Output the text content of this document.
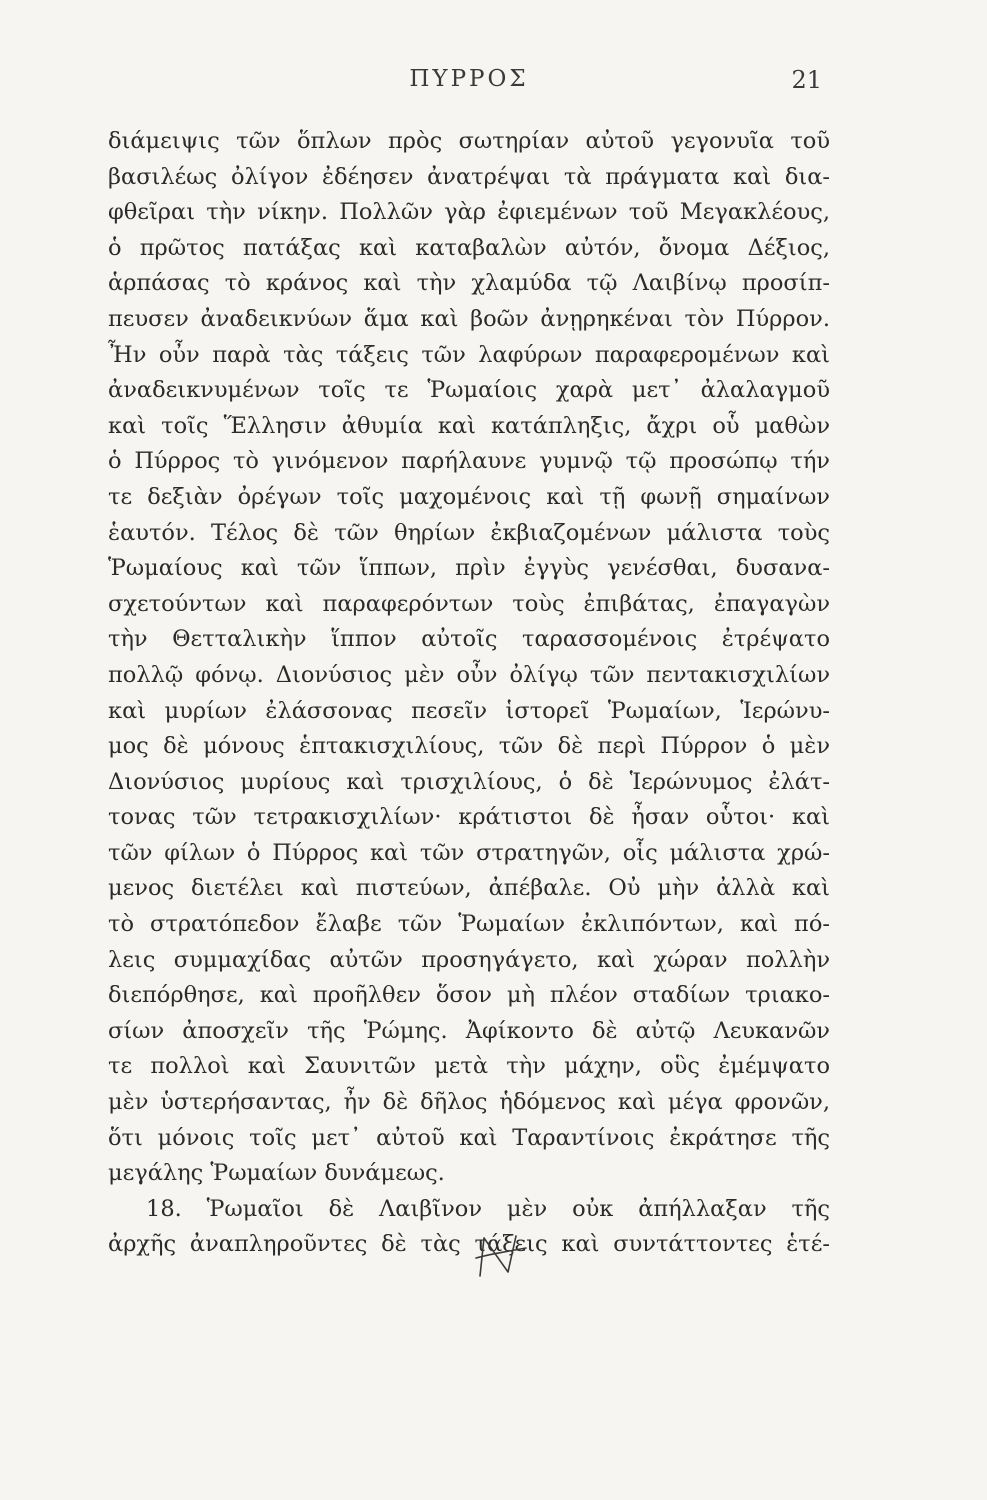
ΠΥΡΡΟΣ	21
διάμειψις τῶν ὅπλων πρὸς σωτηρίαν αὐτοῦ γεγονυῖα τοῦ
βασιλέως ὀλίγον ἐδέησεν ἀνατρέψαι τὰ πράγματα καὶ δια-
φθεῖραι τὴν νίκην. Πολλῶν γὰρ ἐφιεμένων τοῦ Μεγακλέους,
ὁ πρῶτος πατάξας καὶ καταβαλὼν αὐτόν, ὄνομα Δέξιος,
ἁρπάσας τὸ κράνος καὶ τὴν χλαμύδα τῷ Λαιβίνῳ προσίπ-
πευσεν ἀναδεικνύων ἅμα καὶ βοῶν ἀνῃρηκέναι τὸν Πύρρον.
Ἦν οὖν παρὰ τὰς τάξεις τῶν λαφύρων παραφερομένων καὶ
ἀναδεικνυμένων τοῖς τε Ῥωμαίοις χαρὰ μετ᾽ ἀλαλαγμοῦ
καὶ τοῖς Ἕλλησιν ἀθυμία καὶ κατάπληξις, ἄχρι οὗ μαθὼν
ὁ Πύρρος τὸ γινόμενον παρήλαυνε γυμνῷ τῷ προσώπῳ τήν
τε δεξιὰν ὀρέγων τοῖς μαχομένοις καὶ τῇ φωνῇ σημαίνων
ἑαυτόν. Τέλος δὲ τῶν θηρίων ἐκβιαζομένων μάλιστα τοὺς
Ῥωμαίους καὶ τῶν ἵππων, πρὶν ἐγγὺς γενέσθαι, δυσανα-
σχετούντων καὶ παραφερόντων τοὺς ἐπιβάτας, ἐπαγαγὼν
τὴν Θετταλικὴν ἵππον αὐτοῖς ταρασσομένοις ἐτρέψατο
πολλῷ φόνῳ. Διονύσιος μὲν οὖν ὀλίγῳ τῶν πεντακισχιλίων
καὶ μυρίων ἐλάσσονας πεσεῖν ἱστορεῖ Ῥωμαίων, Ἱερώνυ-
μος δὲ μόνους ἑπτακισχιλίους, τῶν δὲ περὶ Πύρρον ὁ μὲν
Διονύσιος μυρίους καὶ τρισχιλίους, ὁ δὲ Ἱερώνυμος ἐλάτ-
τονας τῶν τετρακισχιλίων· κράτιστοι δὲ ἦσαν οὗτοι· καὶ
τῶν φίλων ὁ Πύρρος καὶ τῶν στρατηγῶν, οἷς μάλιστα χρώ-
μενος διετέλει καὶ πιστεύων, ἀπέβαλε. Οὐ μὴν ἀλλὰ καὶ
τὸ στρατόπεδον ἔλαβε τῶν Ῥωμαίων ἐκλιπόντων, καὶ πό-
λεις συμμαχίδας αὐτῶν προσηγάγετο, καὶ χώραν πολλὴν
διεπόρθησε, καὶ προῆλθεν ὅσον μὴ πλέον σταδίων τριακο-
σίων ἀποσχεῖν τῆς Ῥώμης. Ἀφίκοντο δὲ αὐτῷ Λευκανῶν
τε πολλοὶ καὶ Σαυνιτῶν μετὰ τὴν μάχην, οὓς ἐμέμψατο
μὲν ὑστερήσαντας, ἦν δὲ δῆλος ἡδόμενος καὶ μέγα φρονῶν,
ὅτι μόνοις τοῖς μετ᾽ αὐτοῦ καὶ Ταραντίνοις ἐκράτησε τῆς
μεγάλης Ῥωμαίων δυνάμεως.
18. Ῥωμαῖοι δὲ Λαιβῖνον μὲν οὐκ ἀπήλλαξαν τῆς
ἀρχῆς ἀναπληροῦντες δὲ τὰς τάξεις καὶ συντάττοντες ἑτέ-
